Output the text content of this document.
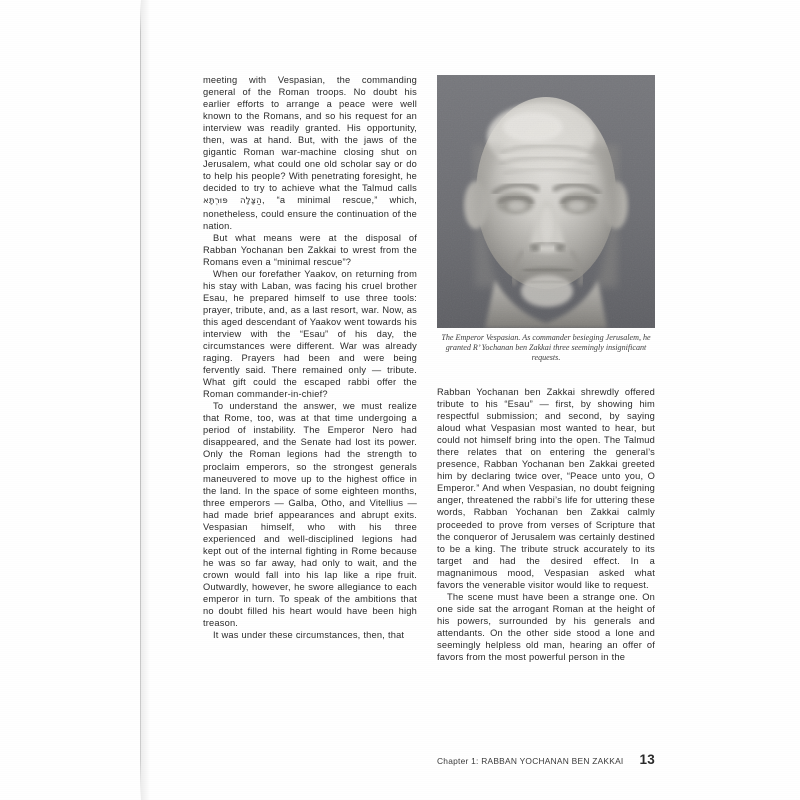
meeting with Vespasian, the commanding general of the Roman troops. No doubt his earlier efforts to arrange a peace were well known to the Romans, and so his request for an interview was readily granted. His opportunity, then, was at hand. But, with the jaws of the gigantic Roman war-machine closing shut on Jerusalem, what could one old scholar say or do to help his people? With penetrating foresight, he decided to try to achieve what the Talmud calls הַצָּלָה פּוּרְתָּא, “a minimal rescue,” which, nonetheless, could ensure the continuation of the nation.

But what means were at the disposal of Rabban Yochanan ben Zakkai to wrest from the Romans even a “minimal rescue”?

When our forefather Yaakov, on returning from his stay with Laban, was facing his cruel brother Esau, he prepared himself to use three tools: prayer, tribute, and, as a last resort, war. Now, as this aged descendant of Yaakov went towards his interview with the “Esau” of his day, the circumstances were different. War was already raging. Prayers had been and were being fervently said. There remained only — tribute. What gift could the escaped rabbi offer the Roman commander-in-chief?

To understand the answer, we must realize that Rome, too, was at that time undergoing a period of instability. The Emperor Nero had disappeared, and the Senate had lost its power. Only the Roman legions had the strength to proclaim emperors, so the strongest generals maneuvered to move up to the highest office in the land. In the space of some eighteen months, three emperors — Galba, Otho, and Vitellius — had made brief appearances and abrupt exits. Vespasian himself, who with his three experienced and well-disciplined legions had kept out of the internal fighting in Rome because he was so far away, had only to wait, and the crown would fall into his lap like a ripe fruit. Outwardly, however, he swore allegiance to each emperor in turn. To speak of the ambitions that no doubt filled his heart would have been high treason.

It was under these circumstances, then, that

The Emperor Vespasian. As commander besieging Jerusalem, he granted R’ Yochanan ben Zakkai three seemingly insignificant requests.

Rabban Yochanan ben Zakkai shrewdly offered tribute to his “Esau” — first, by showing him respectful submission; and second, by saying aloud what Vespasian most wanted to hear, but could not himself bring into the open. The Talmud there relates that on entering the general’s presence, Rabban Yochanan ben Zakkai greeted him by declaring twice over, “Peace unto you, O Emperor.” And when Vespasian, no doubt feigning anger, threatened the rabbi’s life for uttering these words, Rabban Yochanan ben Zakkai calmly proceeded to prove from verses of Scripture that the conqueror of Jerusalem was certainly destined to be a king. The tribute struck accurately to its target and had the desired effect. In a magnanimous mood, Vespasian asked what favors the venerable visitor would like to request.

The scene must have been a strange one. On one side sat the arrogant Roman at the height of his powers, surrounded by his generals and attendants. On the other side stood a lone and seemingly helpless old man, hearing an offer of favors from the most powerful person in the

Chapter 1: RABBAN YOCHANAN BEN ZAKKAI 13
